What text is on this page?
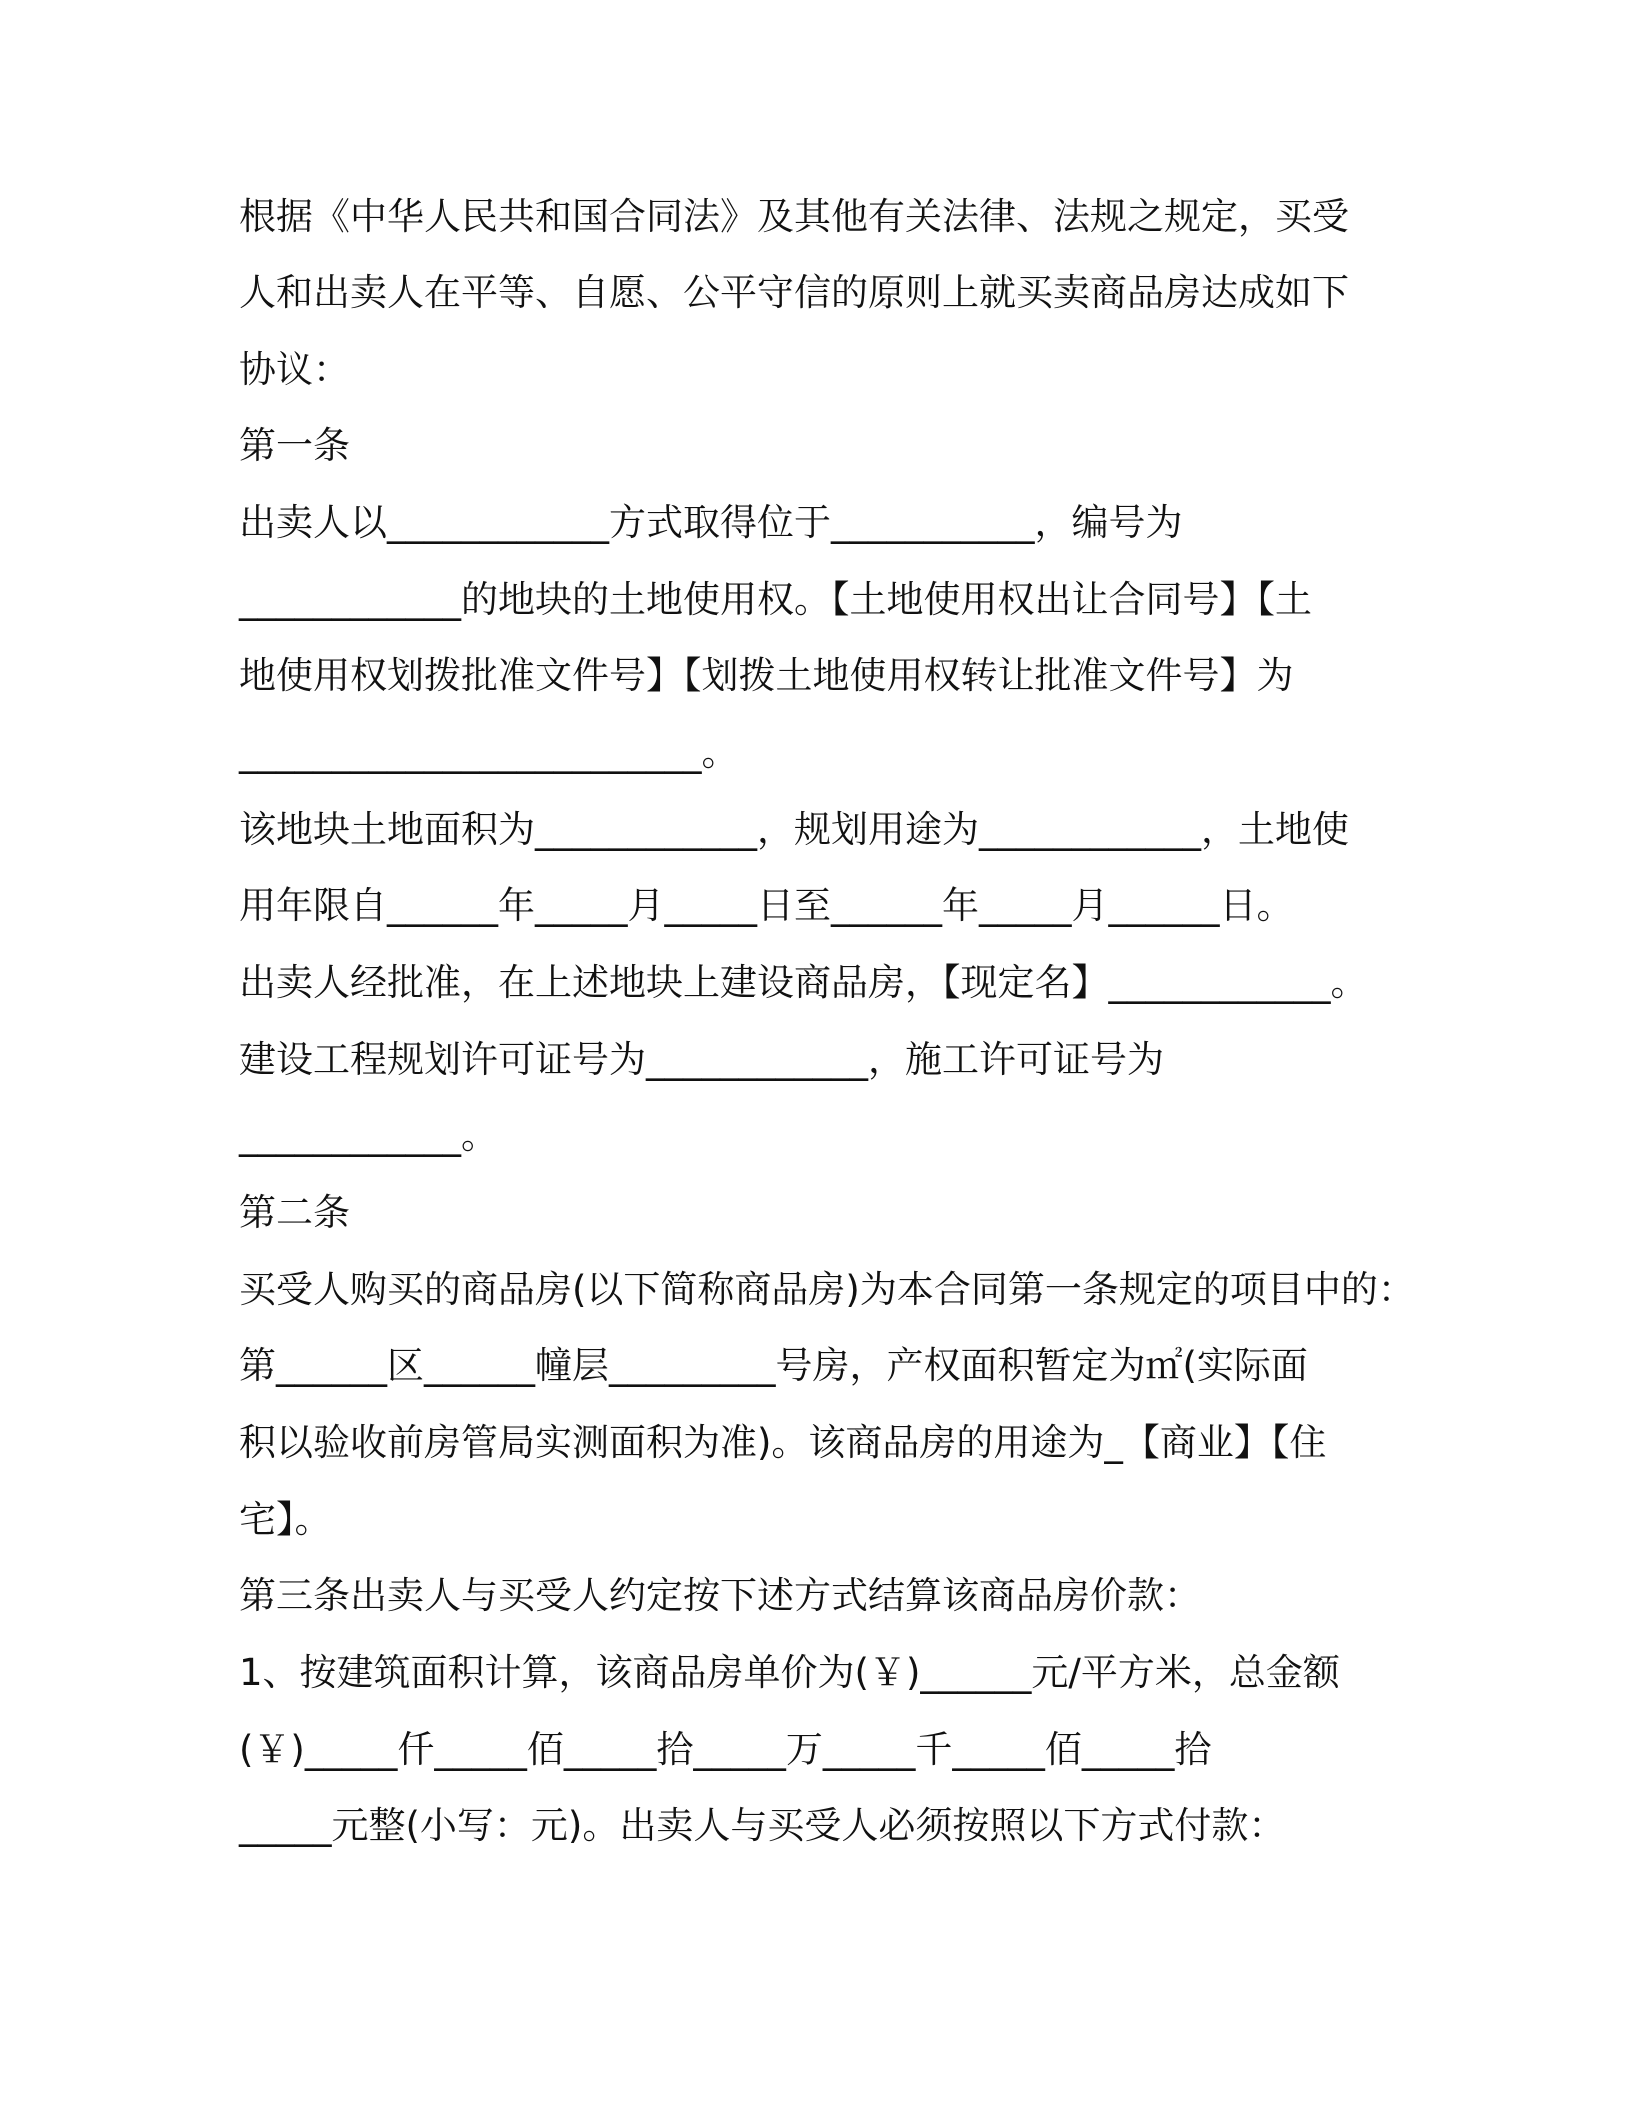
根据《中华人民共和国合同法》及其他有关法律、法规之规定，买受
人和出卖人在平等、自愿、公平守信的原则上就买卖商品房达成如下
协议：
第一条
出卖人以____________方式取得位于___________，编号为
____________的地块的土地使用权。【土地使用权出让合同号】【土
地使用权划拨批准文件号】【划拨土地使用权转让批准文件号】为
_________________________。
该地块土地面积为____________，规划用途为____________，土地使
用年限自______年_____月_____日至______年_____月______日。
出卖人经批准，在上述地块上建设商品房，【现定名】____________。
建设工程规划许可证号为____________，施工许可证号为
____________。
第二条
买受人购买的商品房(以下简称商品房)为本合同第一条规定的项目中的：
第______区______幢层_________号房，产权面积暂定为㎡(实际面
积以验收前房管局实测面积为准)。该商品房的用途为_【商业】【住
宅】。
第三条出卖人与买受人约定按下述方式结算该商品房价款：
1、按建筑面积计算，该商品房单价为(￥)______元/平方米，总金额
(￥)_____仟_____佰_____拾_____万_____千_____佰_____拾
_____元整(小写：元)。出卖人与买受人必须按照以下方式付款：
